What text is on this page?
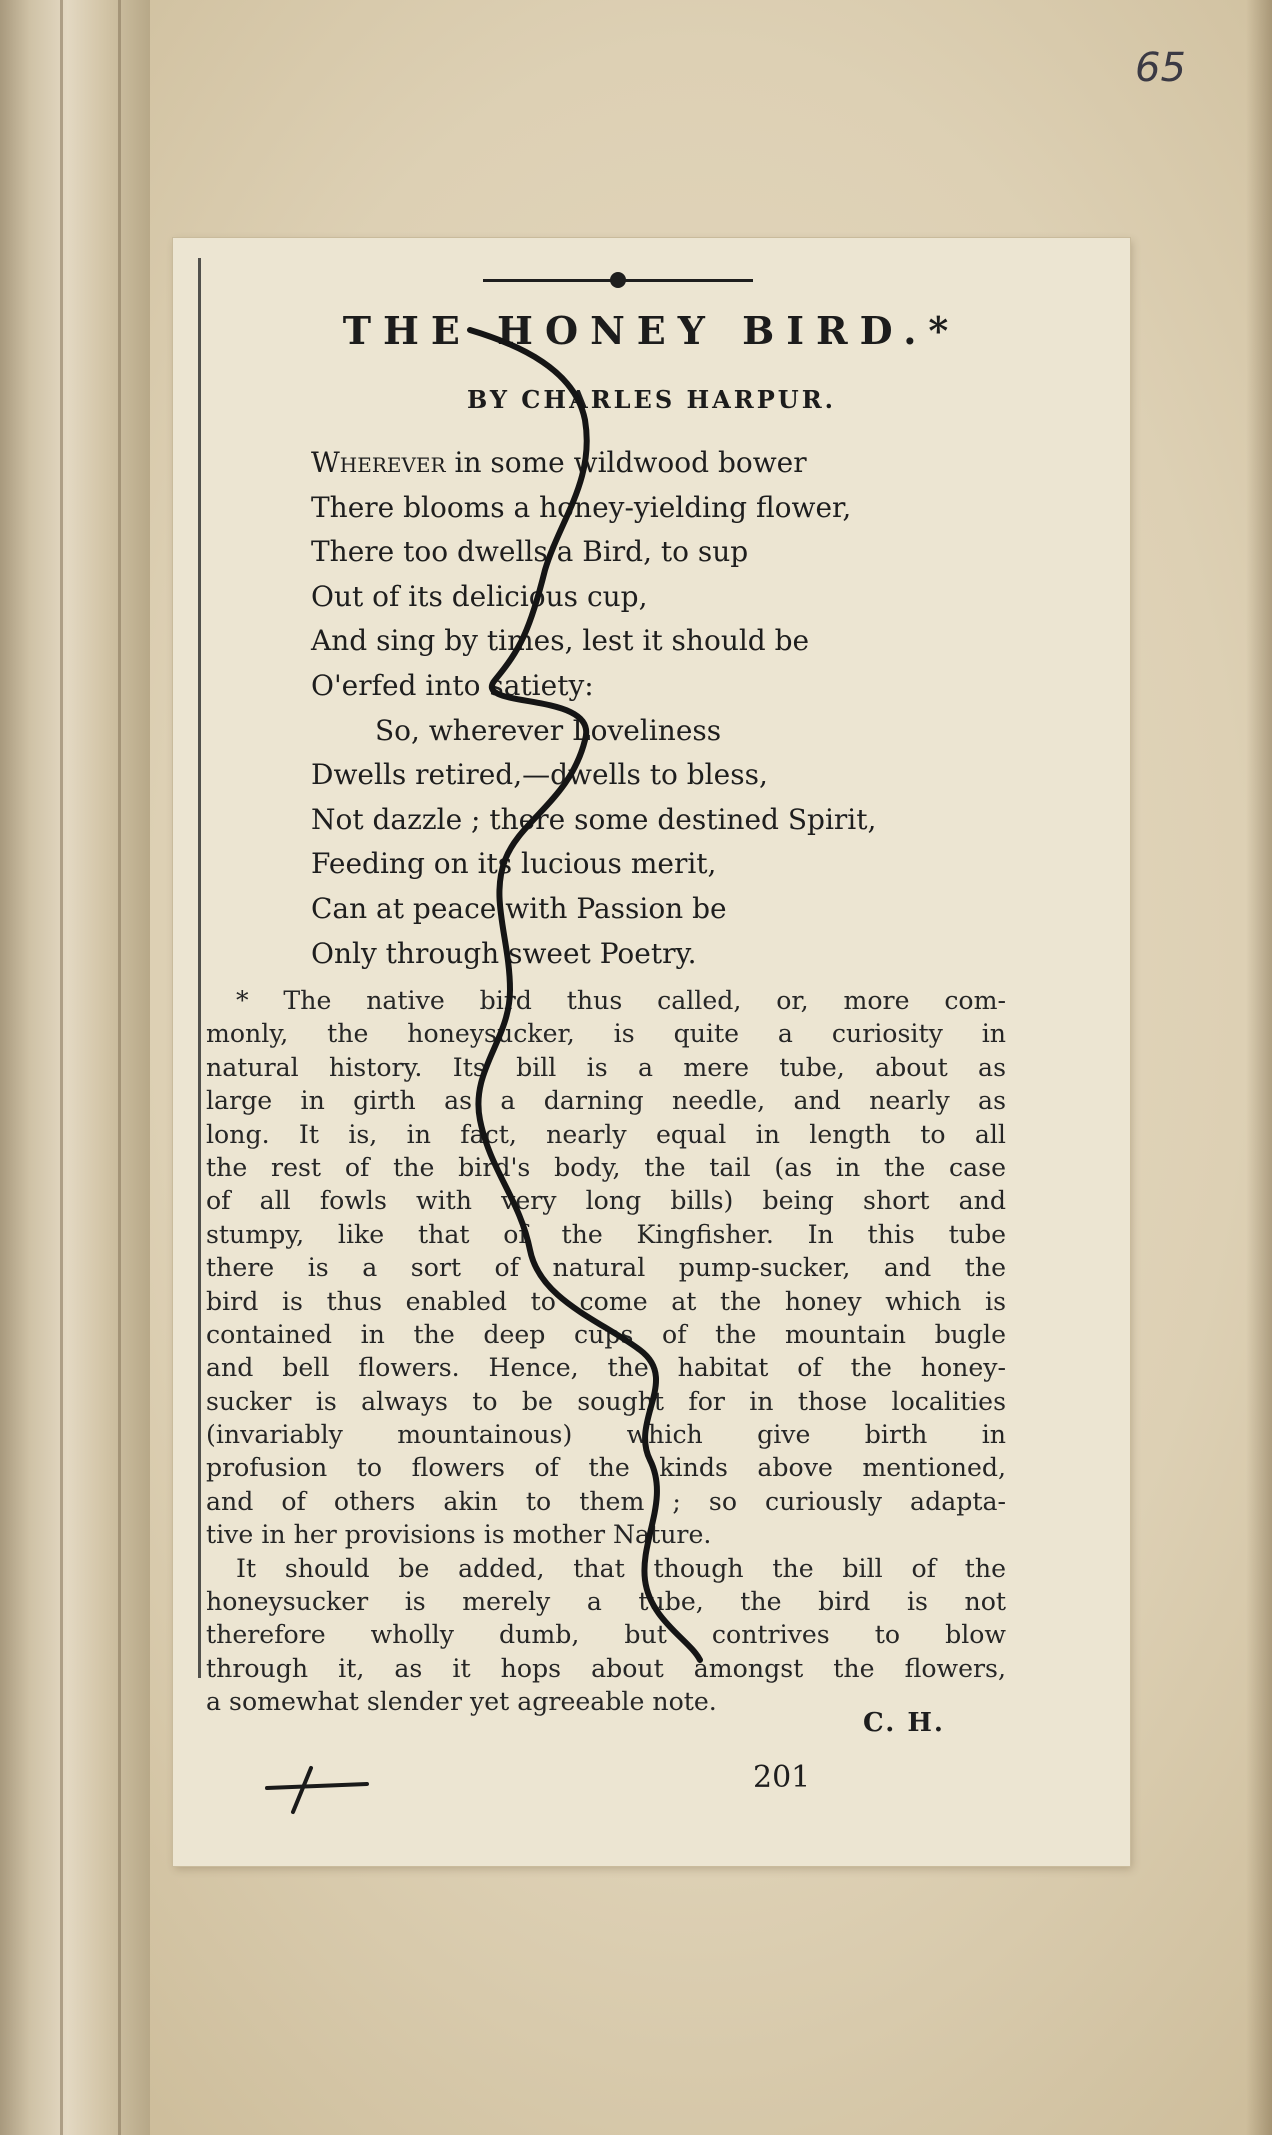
65
THE HONEY BIRD.*
BY CHARLES HARPUR.
Wherever in some wildwood bower
There blooms a honey-yielding flower,
There too dwells a Bird, to sup
Out of its delicious cup,
And sing by times, lest it should be
O'erfed into satiety:
So, wherever Loveliness
Dwells retired,—dwells to bless,
Not dazzle ; there some destined Spirit,
Feeding on its lucious merit,
Can at peace with Passion be
Only through sweet Poetry.
* The native bird thus called, or, more com-
monly, the honeysucker, is quite a curiosity in
natural history. Its bill is a mere tube, about as
large in girth as a darning needle, and nearly as
long. It is, in fact, nearly equal in length to all
the rest of the bird's body, the tail (as in the case
of all fowls with very long bills) being short and
stumpy, like that of the Kingfisher. In this tube
there is a sort of natural pump-sucker, and the
bird is thus enabled to come at the honey which is
contained in the deep cups of the mountain bugle
and bell flowers. Hence, the habitat of the honey-
sucker is always to be sought for in those localities
(invariably mountainous) which give birth in
profusion to flowers of the kinds above mentioned,
and of others akin to them ; so curiously adapta-
tive in her provisions is mother Nature.
It should be added, that though the bill of the
honeysucker is merely a tube, the bird is not
therefore wholly dumb, but contrives to blow
through it, as it hops about amongst the flowers,
a somewhat slender yet agreeable note.
C. H.
201
